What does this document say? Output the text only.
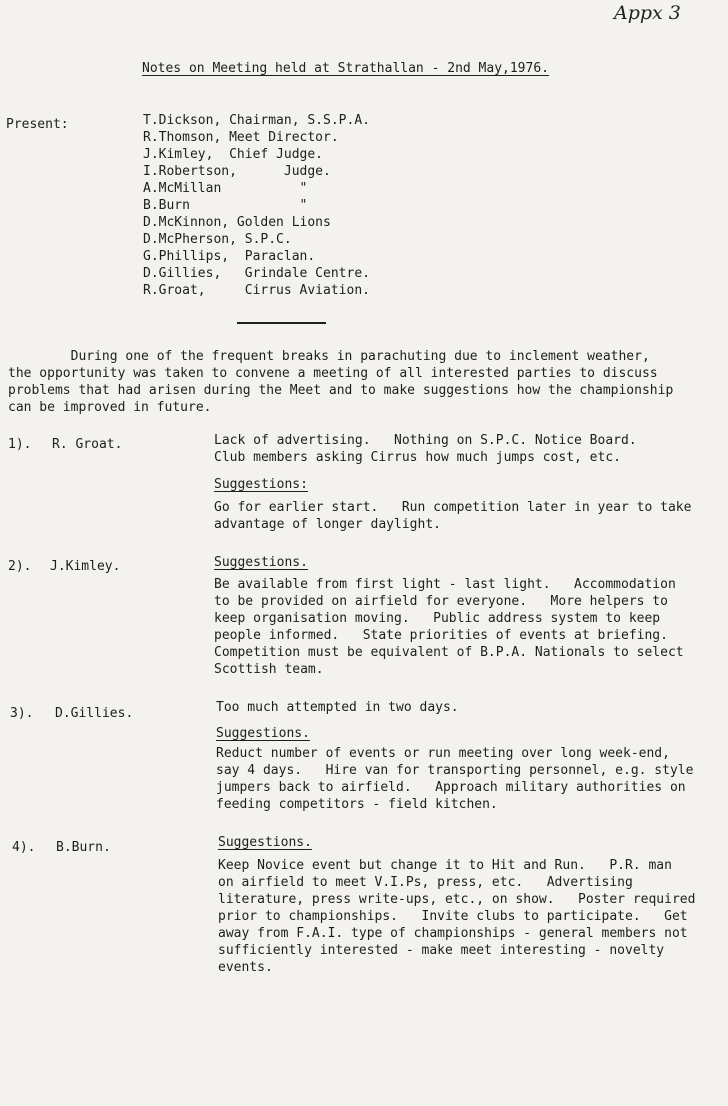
Appx 3
Notes on Meeting held at Strathallan - 2nd May,1976.
Present:	T.Dickson, Chairman, S.S.P.A.
R.Thomson, Meet Director.
J.Kimley,  Chief Judge.
I.Robertson,      Judge.
A.McMillan          "
B.Burn              "
D.McKinnon, Golden Lions
D.McPherson, S.P.C.
G.Phillips,  Paraclan.
D.Gillies,   Grindale Centre.
R.Groat,     Cirrus Aviation.
During one of the frequent breaks in parachuting due to inclement weather,
the opportunity was taken to convene a meeting of all interested parties to discuss
problems that had arisen during the Meet and to make suggestions how the championship
can be improved in future.
1). R. Groat.	Lack of advertising.   Nothing on S.P.C. Notice Board.
Club members asking Cirrus how much jumps cost, etc.
Suggestions:
Go for earlier start.   Run competition later in year to take
advantage of longer daylight.
2). J.Kimley.	Suggestions.
Be available from first light - last light.   Accommodation
to be provided on airfield for everyone.   More helpers to
keep organisation moving.   Public address system to keep
people informed.   State priorities of events at briefing.
Competition must be equivalent of B.P.A. Nationals to select
Scottish team.
3). D.Gillies.	Too much attempted in two days.
Suggestions.
Reduct number of events or run meeting over long week-end,
say 4 days.   Hire van for transporting personnel, e.g. style
jumpers back to airfield.   Approach military authorities on
feeding competitors - field kitchen.
4). B.Burn.	Suggestions.
Keep Novice event but change it to Hit and Run.   P.R. man
on airfield to meet V.I.Ps, press, etc.   Advertising
literature, press write-ups, etc., on show.   Poster required
prior to championships.   Invite clubs to participate.   Get
away from F.A.I. type of championships - general members not
sufficiently interested - make meet interesting - novelty
events.
